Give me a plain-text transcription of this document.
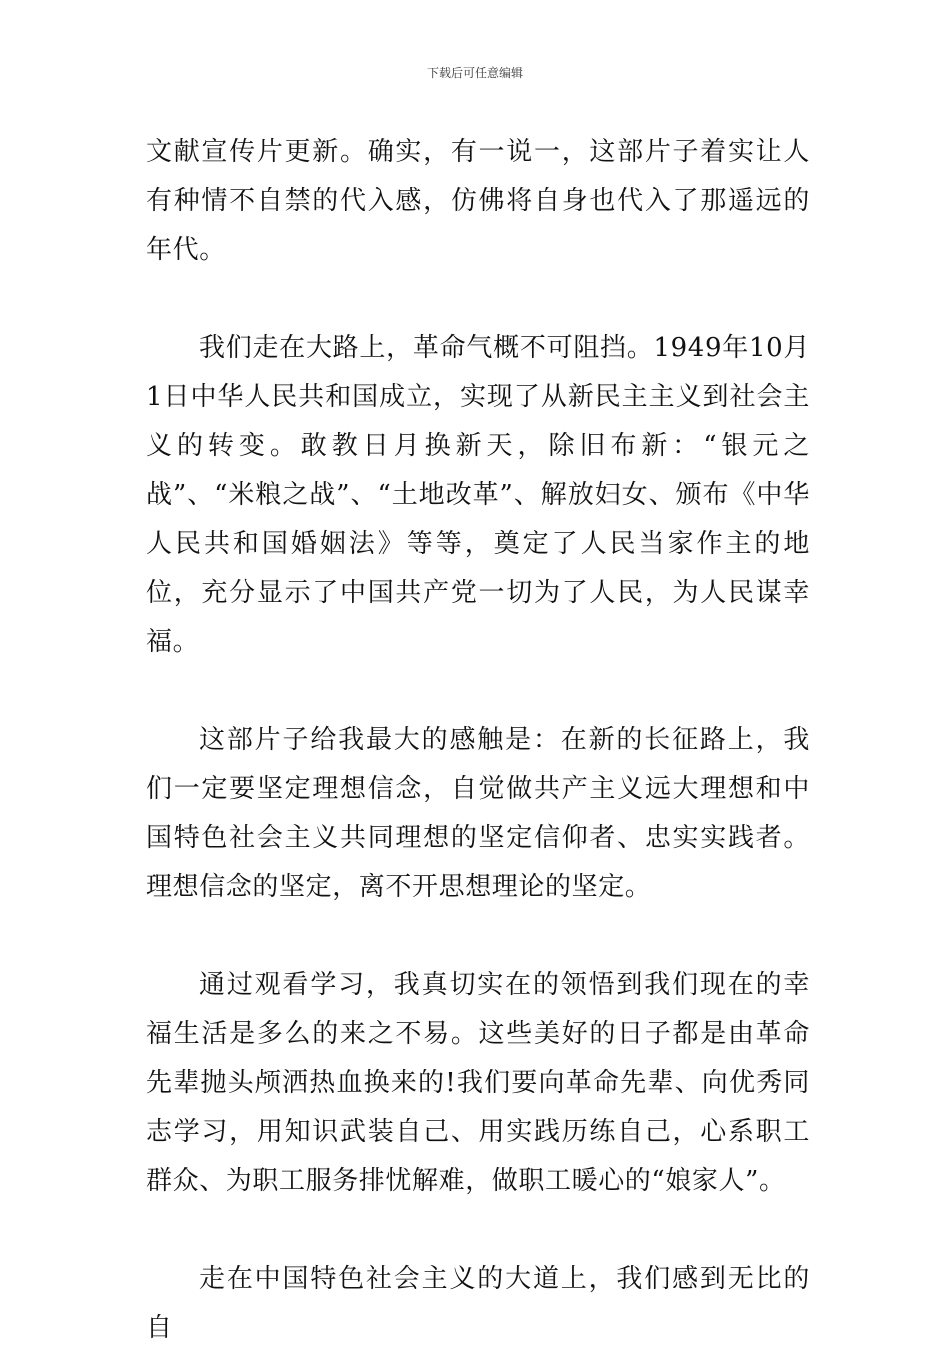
下载后可任意编辑

文献宣传片更新。确实，有一说一，这部片子着实让人有种情不自禁的代入感，仿佛将自身也代入了那遥远的年代。

我们走在大路上，革命气概不可阻挡。1949年10月1日中华人民共和国成立，实现了从新民主主义到社会主义的转变。敢教日月换新天，除旧布新：“银元之战”、“米粮之战”、“土地改革”、解放妇女、颁布《中华人民共和国婚姻法》等等，奠定了人民当家作主的地位，充分显示了中国共产党一切为了人民，为人民谋幸福。

这部片子给我最大的感触是：在新的长征路上，我们一定要坚定理想信念，自觉做共产主义远大理想和中国特色社会主义共同理想的坚定信仰者、忠实实践者。理想信念的坚定，离不开思想理论的坚定。

通过观看学习，我真切实在的领悟到我们现在的幸福生活是多么的来之不易。这些美好的日子都是由革命先辈抛头颅洒热血换来的!我们要向革命先辈、向优秀同志学习，用知识武装自己、用实践历练自己，心系职工群众、为职工服务排忧解难，做职工暖心的“娘家人”。

走在中国特色社会主义的大道上，我们感到无比的自
